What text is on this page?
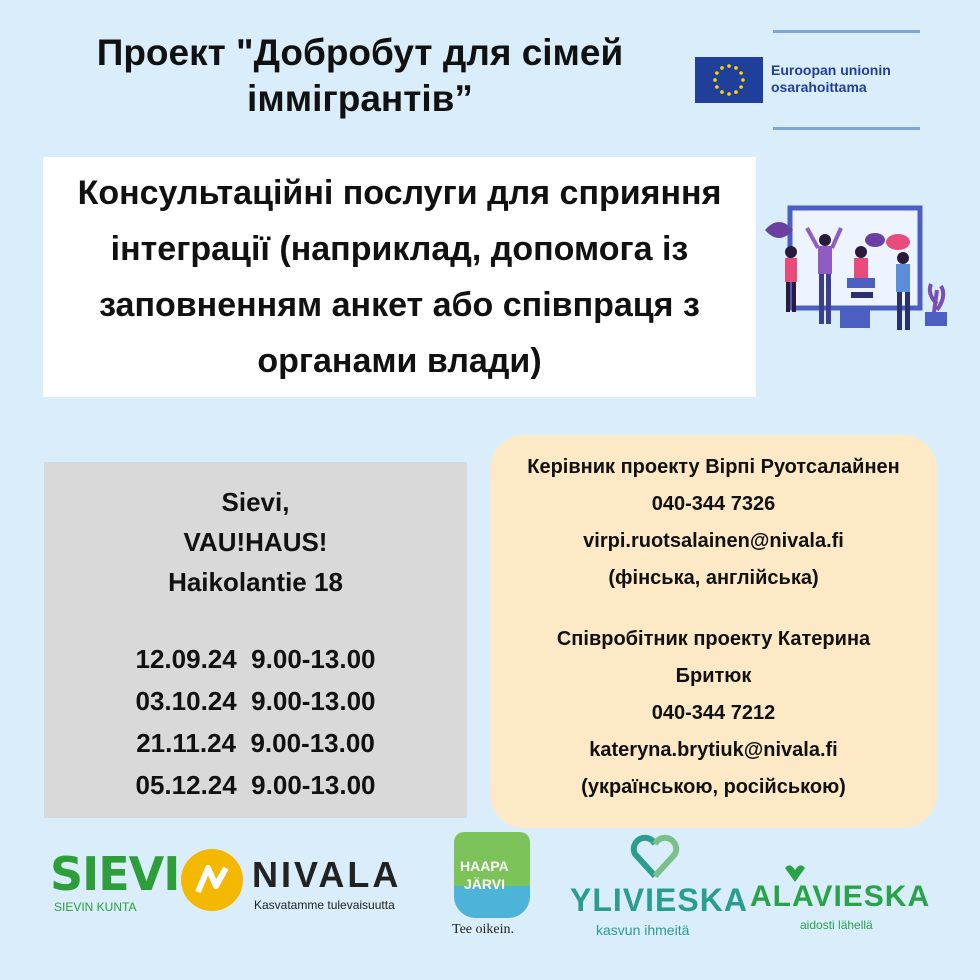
Проект "Добробут для сімей
іммігрантів”
Euroopan unionin
osarahoittama
Консультаційні послуги для сприяння
інтеграції (наприклад, допомога із
заповненням анкет або співпраця з
органами влади)
Sievi,
VAU!HAUS!
Haikolantie 18
12.09.24 9.00-13.00
03.10.24 9.00-13.00
21.11.24 9.00-13.00
05.12.24 9.00-13.00
Керівник проекту Вірпі Руотсалайнен
040-344 7326
virpi.ruotsalainen@nivala.fi
(фінська, англійська)
Співробітник проекту Катерина
Бритюк
040-344 7212
kateryna.brytiuk@nivala.fi
(українською, російською)
SIEVI
SIEVIN KUNTA
NIVALA
Kasvatamme tulevaisuutta
HAAPA
JÄRVI
Tee oikein.
YLIVIESKA
kasvun ihmeitä
ALAVIESKA
aidosti lähellä
